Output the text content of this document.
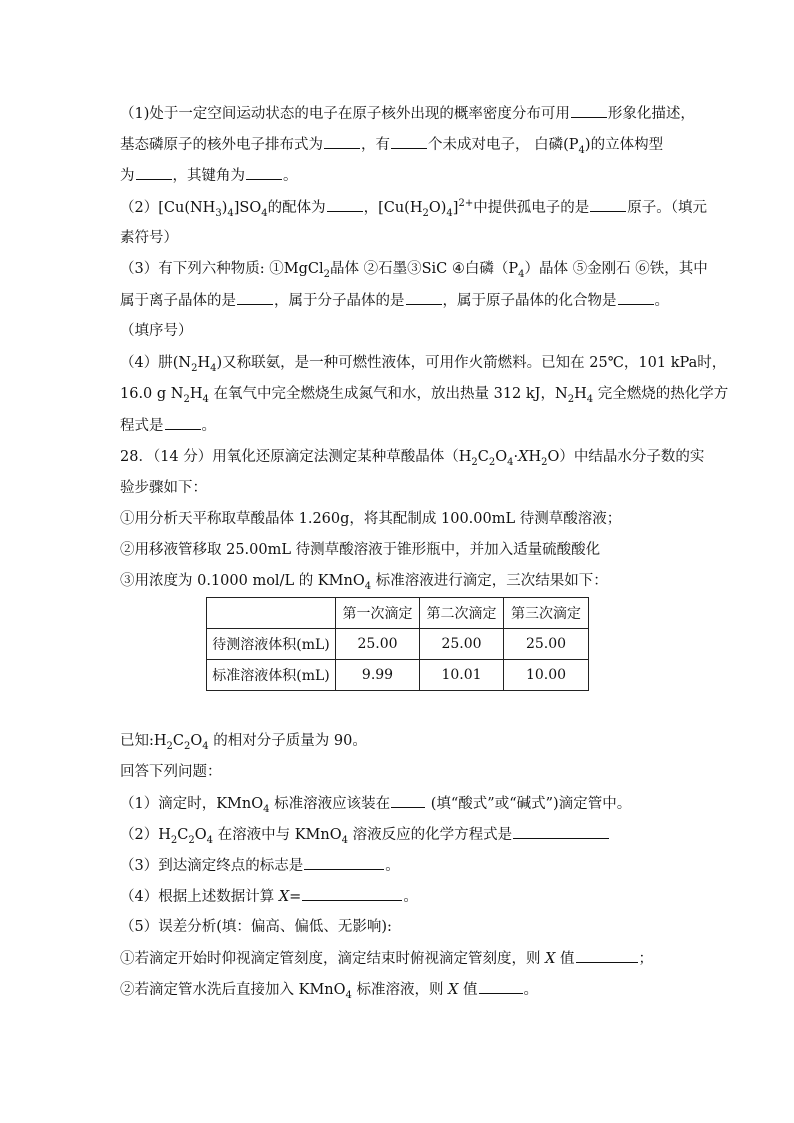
（1)处于一定空间运动状态的电子在原子核外出现的概率密度分布可用	形象化描述，
基态磷原子的核外电子排布式为	，有	个未成对电子， 白磷$(P_4)$的立体构型
为	，其键角为	。
$(2)[Cu(NH_3)_4]SO_4$的配体为	，$[Cu(H_2O)_4]^{2+}$中提供孤电子的是	原子。（填元
素符号）
（3）有下列六种物质: ①MgCl$_2$晶体 ②石墨③SiC ④白磷$(P_4)$晶体 ⑤金刚石 ⑥铁，其中
属于离子晶体的是	，属于分子晶体的是	，属于原子晶体的化合物是	。
（填序号）
（4）肼$(N_2H_4)$又称联氨，是一种可燃性液体，可用作火箭燃料。已知在 25℃，101 kPa时，
16.0 g $N_2H_4$ 在氧气中完全燃烧生成氮气和水，放出热量 312 kJ，$N_2H_4$ 完全燃烧的热化学方
程式是	。
28．（14 分）用氧化还原滴定法测定某种草酸晶体$(H_2C_2O_4\cdot XH_2O)$中结晶水分子数的实
验步骤如下：
①用分析天平称取草酸晶体 1.260g，将其配制成 100.00mL 待测草酸溶液；
②用移液管移取 25.00mL 待测草酸溶液于锥形瓶中，并加入适量硫酸酸化
③用浓度为 0.1000 mol/L 的 KMnO$_4$ 标准溶液进行滴定，三次结果如下：
	第一次滴定	第二次滴定	第三次滴定
待测溶液体积(mL)	25.00	25.00	25.00
标准溶液体积(mL)	9.99	10.01	10.00
已知$:H_2C_2O_4$ 的相对分子质量为 90。
回答下列问题：
（1）滴定时，KMnO$_4$ 标准溶液应该装在 (填“酸式”或“碱式”)滴定管中。
$(2)H_2C_2O_4$ 在溶液中与 KMnO$_4$ 溶液反应的化学方程式是
（3）到达滴定终点的标志是	。
（4）根据上述数据计算 X=	。
（5）误差分析(填：偏高、偏低、无影响):
①若滴定开始时仰视滴定管刻度，滴定结束时俯视滴定管刻度，则 X 值	；
②若滴定管水洗后直接加入 KMnO$_4$ 标准溶液，则 X 值	。
